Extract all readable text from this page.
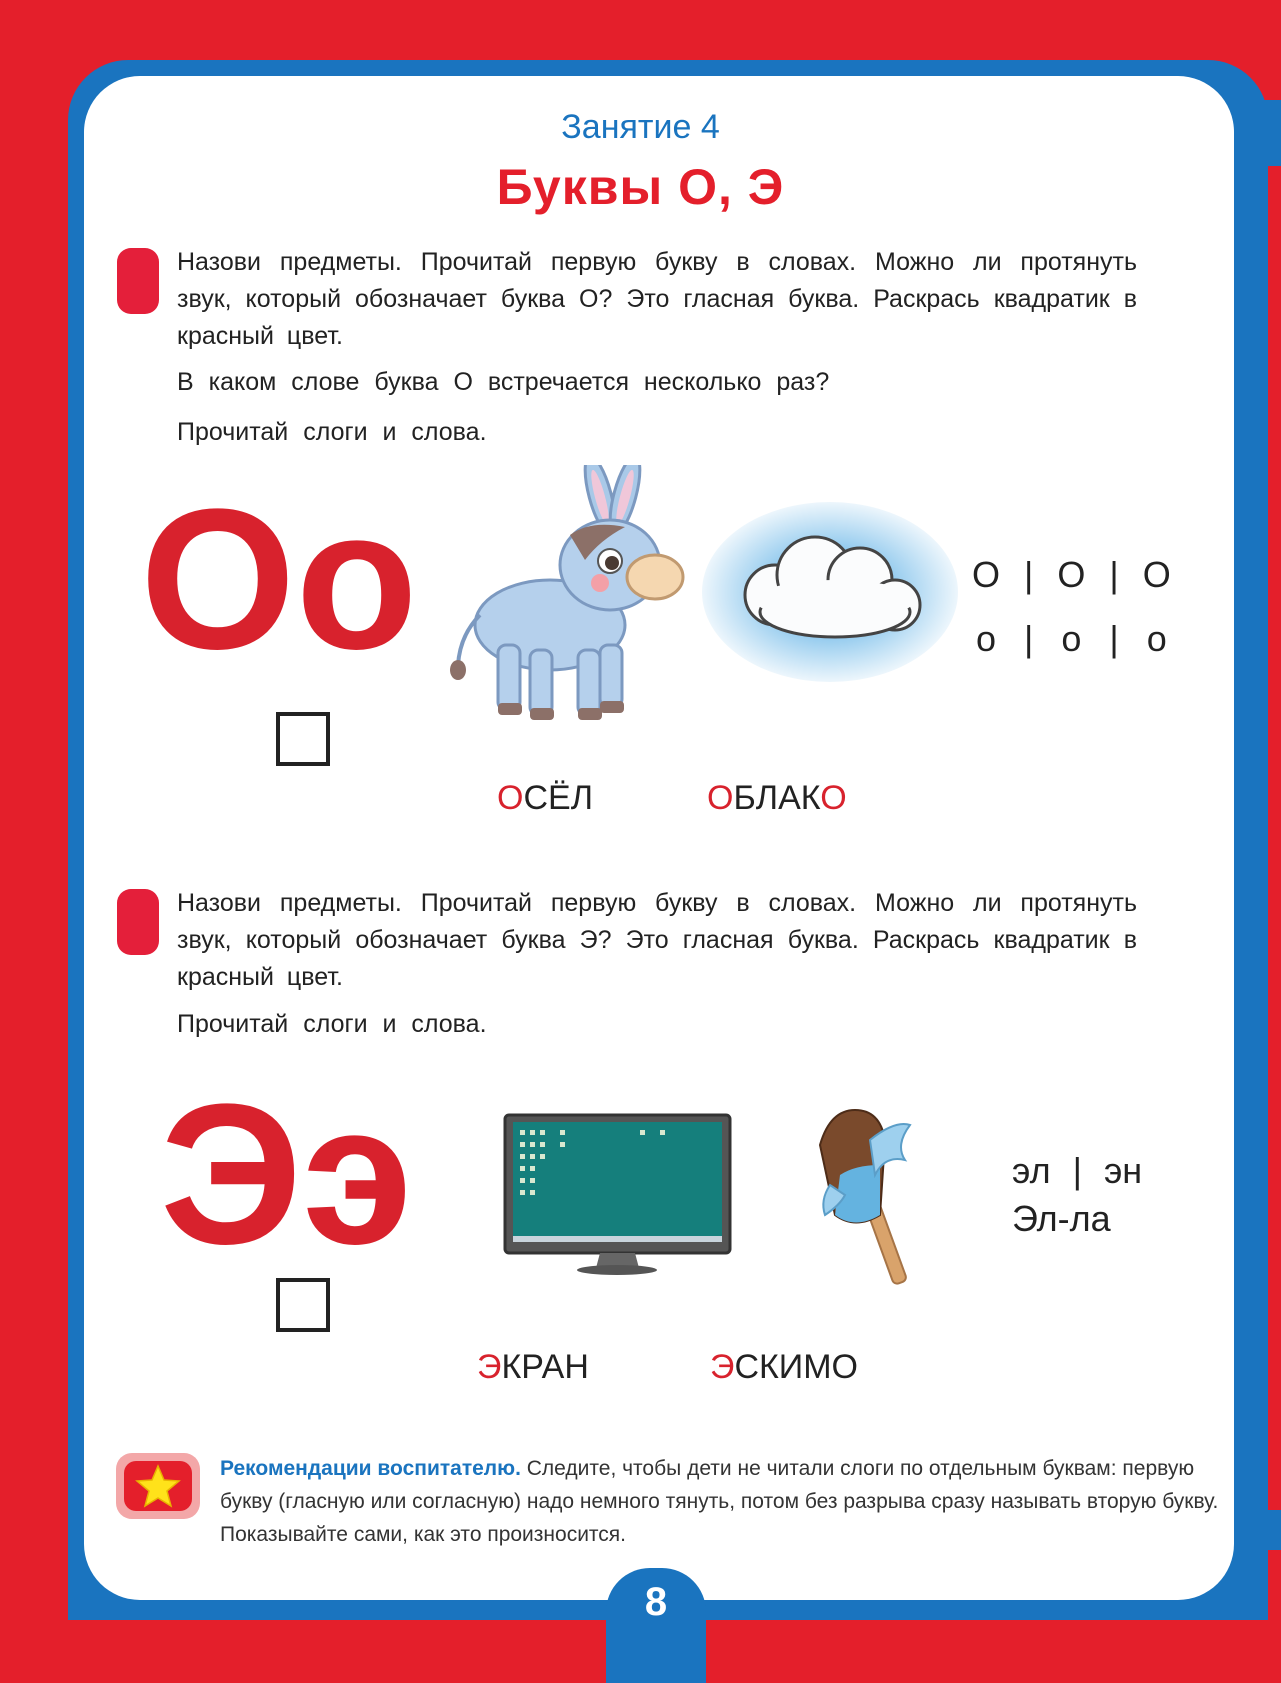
Занятие 4
Буквы О, Э
Назови предметы. Прочитай первую букву в словах. Можно ли протянуть звук, который обозначает буква О? Это гласная буква. Раскрась квадратик в красный цвет.
В каком слове буква О встречается несколько раз?
Прочитай слоги и слова.
Оо	O | O | O
o | o | o
ОСЁЛ	ОБЛАКО
Назови предметы. Прочитай первую букву в словах. Можно ли протянуть звук, который обозначает буква Э? Это гласная буква. Раскрась квадратик в красный цвет.
Прочитай слоги и слова.
Ээ	эл | эн
Эл-ла
ЭКРАН	ЭСКИМО
Рекомендации воспитателю. Следите, чтобы дети не читали слоги по отдельным буквам: первую букву (гласную или согласную) надо немного тянуть, потом без разрыва сразу называть вторую букву. Показывайте сами, как это произносится.
8
